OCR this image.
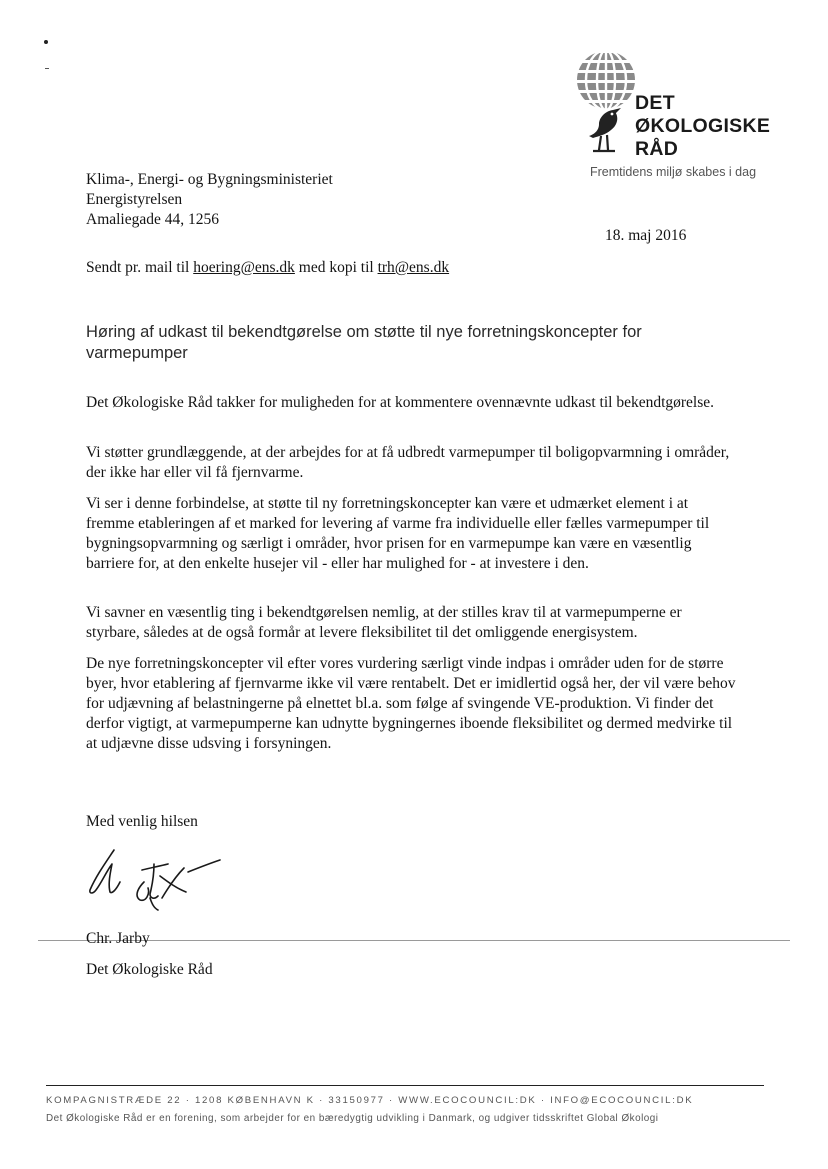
DET
ØKOLOGISKE
RÅD
Fremtidens miljø skabes i dag
Klima-, Energi- og Bygningsministeriet
Energistyrelsen
Amaliegade 44, 1256
18. maj 2016
Sendt pr. mail til hoering@ens.dk med kopi til trh@ens.dk
Høring af udkast til bekendtgørelse om støtte til nye forretningskoncepter for varmepumper
Det Økologiske Råd takker for muligheden for at kommentere ovennævnte udkast til bekendtgørelse.
Vi støtter grundlæggende, at der arbejdes for at få udbredt varmepumper til boligopvarmning i områder, der ikke har eller vil få fjernvarme.
Vi ser i denne forbindelse, at støtte til ny forretningskoncepter kan være et udmærket element i at fremme etableringen af et marked for levering af varme fra individuelle eller fælles varmepumper til bygningsopvarmning og særligt i områder, hvor prisen for en varmepumpe kan være en væsentlig barriere for, at den enkelte husejer vil - eller har mulighed for - at investere i den.
Vi savner en væsentlig ting i bekendtgørelsen nemlig, at der stilles krav til at varmepumperne er styrbare, således at de også formår at levere fleksibilitet til det omliggende energisystem.
De nye forretningskoncepter vil efter vores vurdering særligt vinde indpas i områder uden for de større byer, hvor etablering af fjernvarme ikke vil være rentabelt. Det er imidlertid også her, der vil være behov for udjævning af belastningerne på elnettet bl.a. som følge af svingende VE-produktion. Vi finder det derfor vigtigt, at varmepumperne kan udnytte bygningernes iboende fleksibilitet og dermed medvirke til at udjævne disse udsving i forsyningen.
Med venlig hilsen
Chr. Jarby
Det Økologiske Råd
KOMPAGNISTRÆDE 22 · 1208 KØBENHAVN K · 33150977 · WWW.ECOCOUNCIL:DK · INFO@ECOCOUNCIL:DK
Det Økologiske Råd er en forening, som arbejder for en bæredygtig udvikling i Danmark, og udgiver tidsskriftet Global Økologi
